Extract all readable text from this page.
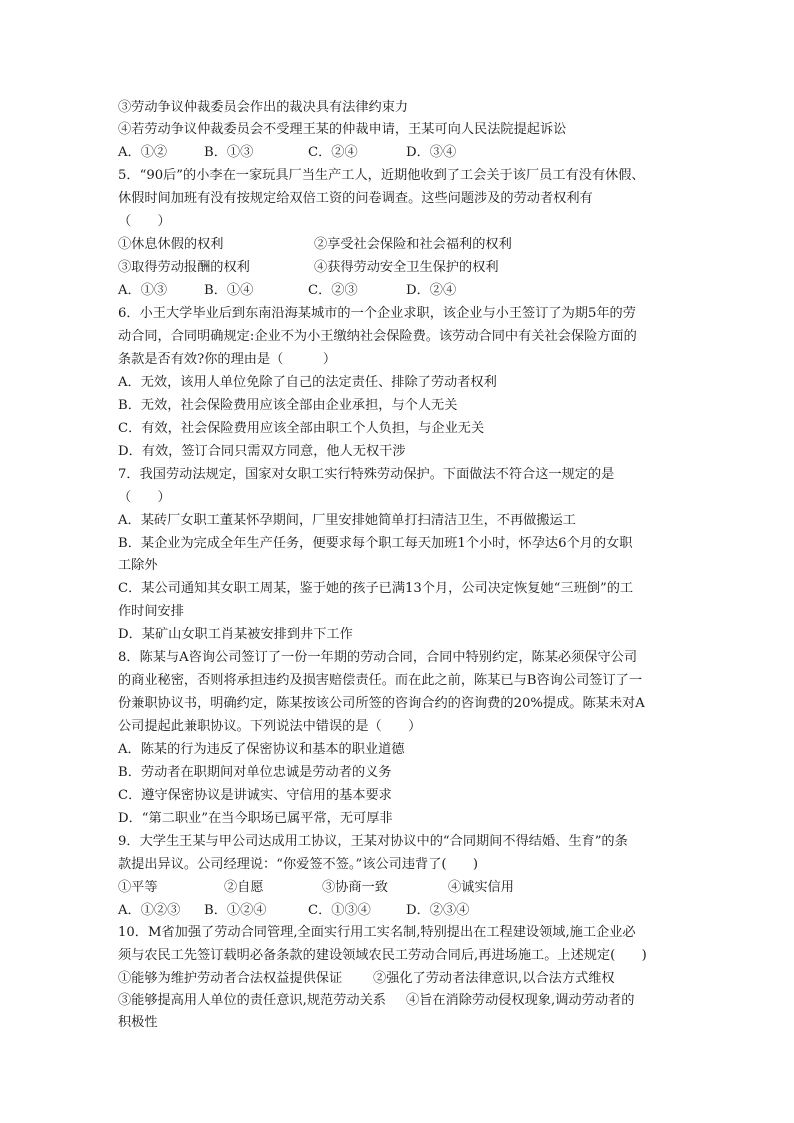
③劳动争议仲裁委员会作出的裁决具有法律约束力
④若劳动争议仲裁委员会不受理王某的仲裁申请，王某可向人民法院提起诉讼
A．①②	B．①③	C．②④	D．③④
5．“90后”的小李在一家玩具厂当生产工人，近期他收到了工会关于该厂员工有没有休假、
休假时间加班有没有按规定给双倍工资的问卷调查。这些问题涉及的劳动者权利有
（　　）
①休息休假的权利	②享受社会保险和社会福利的权利
③取得劳动报酬的权利	④获得劳动安全卫生保护的权利
A．①③	B．①④	C．②③	D．②④
6．小王大学毕业后到东南沿海某城市的一个企业求职，该企业与小王签订了为期5年的劳
动合同，合同明确规定:企业不为小王缴纳社会保险费。该劳动合同中有关社会保险方面的
条款是否有效?你的理由是（　　　）
A．无效，该用人单位免除了自己的法定责任、排除了劳动者权利
B．无效，社会保险费用应该全部由企业承担，与个人无关
C．有效，社会保险费用应该全部由职工个人负担，与企业无关
D．有效，签订合同只需双方同意，他人无权干涉
7．我国劳动法规定，国家对女职工实行特殊劳动保护。下面做法不符合这一规定的是
（　　）
A．某砖厂女职工董某怀孕期间，厂里安排她简单打扫清洁卫生，不再做搬运工
B．某企业为完成全年生产任务，便要求每个职工每天加班1个小时，怀孕达6个月的女职
工除外
C．某公司通知其女职工周某，鉴于她的孩子已满13个月，公司决定恢复她“三班倒”的工
作时间安排
D．某矿山女职工肖某被安排到井下工作
8．陈某与A咨询公司签订了一份一年期的劳动合同，合同中特别约定，陈某必须保守公司
的商业秘密，否则将承担违约及损害赔偿责任。而在此之前，陈某已与B咨询公司签订了一
份兼职协议书，明确约定，陈某按该公司所签的咨询合约的咨询费的20%提成。陈某未对A
公司提起此兼职协议。下列说法中错误的是（　　）
A．陈某的行为违反了保密协议和基本的职业道德
B．劳动者在职期间对单位忠诚是劳动者的义务
C．遵守保密协议是讲诚实、守信用的基本要求
D．“第二职业”在当今职场已属平常，无可厚非
9．大学生王某与甲公司达成用工协议，王某对协议中的“合同期间不得结婚、生育”的条
款提出异议。公司经理说：“你爱签不签。”该公司违背了(　　)
①平等	②自愿	③协商一致	④诚实信用
A．①②③ B．①②④	C．①③④	D．②③④
10．M省加强了劳动合同管理,全面实行用工实名制,特别提出在工程建设领域,施工企业必
须与农民工先签订载明必备条款的建设领域农民工劳动合同后,再进场施工。上述规定(　　)
①能够为维护劳动者合法权益提供保证 ②强化了劳动者法律意识,以合法方式维权
③能够提高用人单位的责任意识,规范劳动关系 ④旨在消除劳动侵权现象,调动劳动者的
积极性
